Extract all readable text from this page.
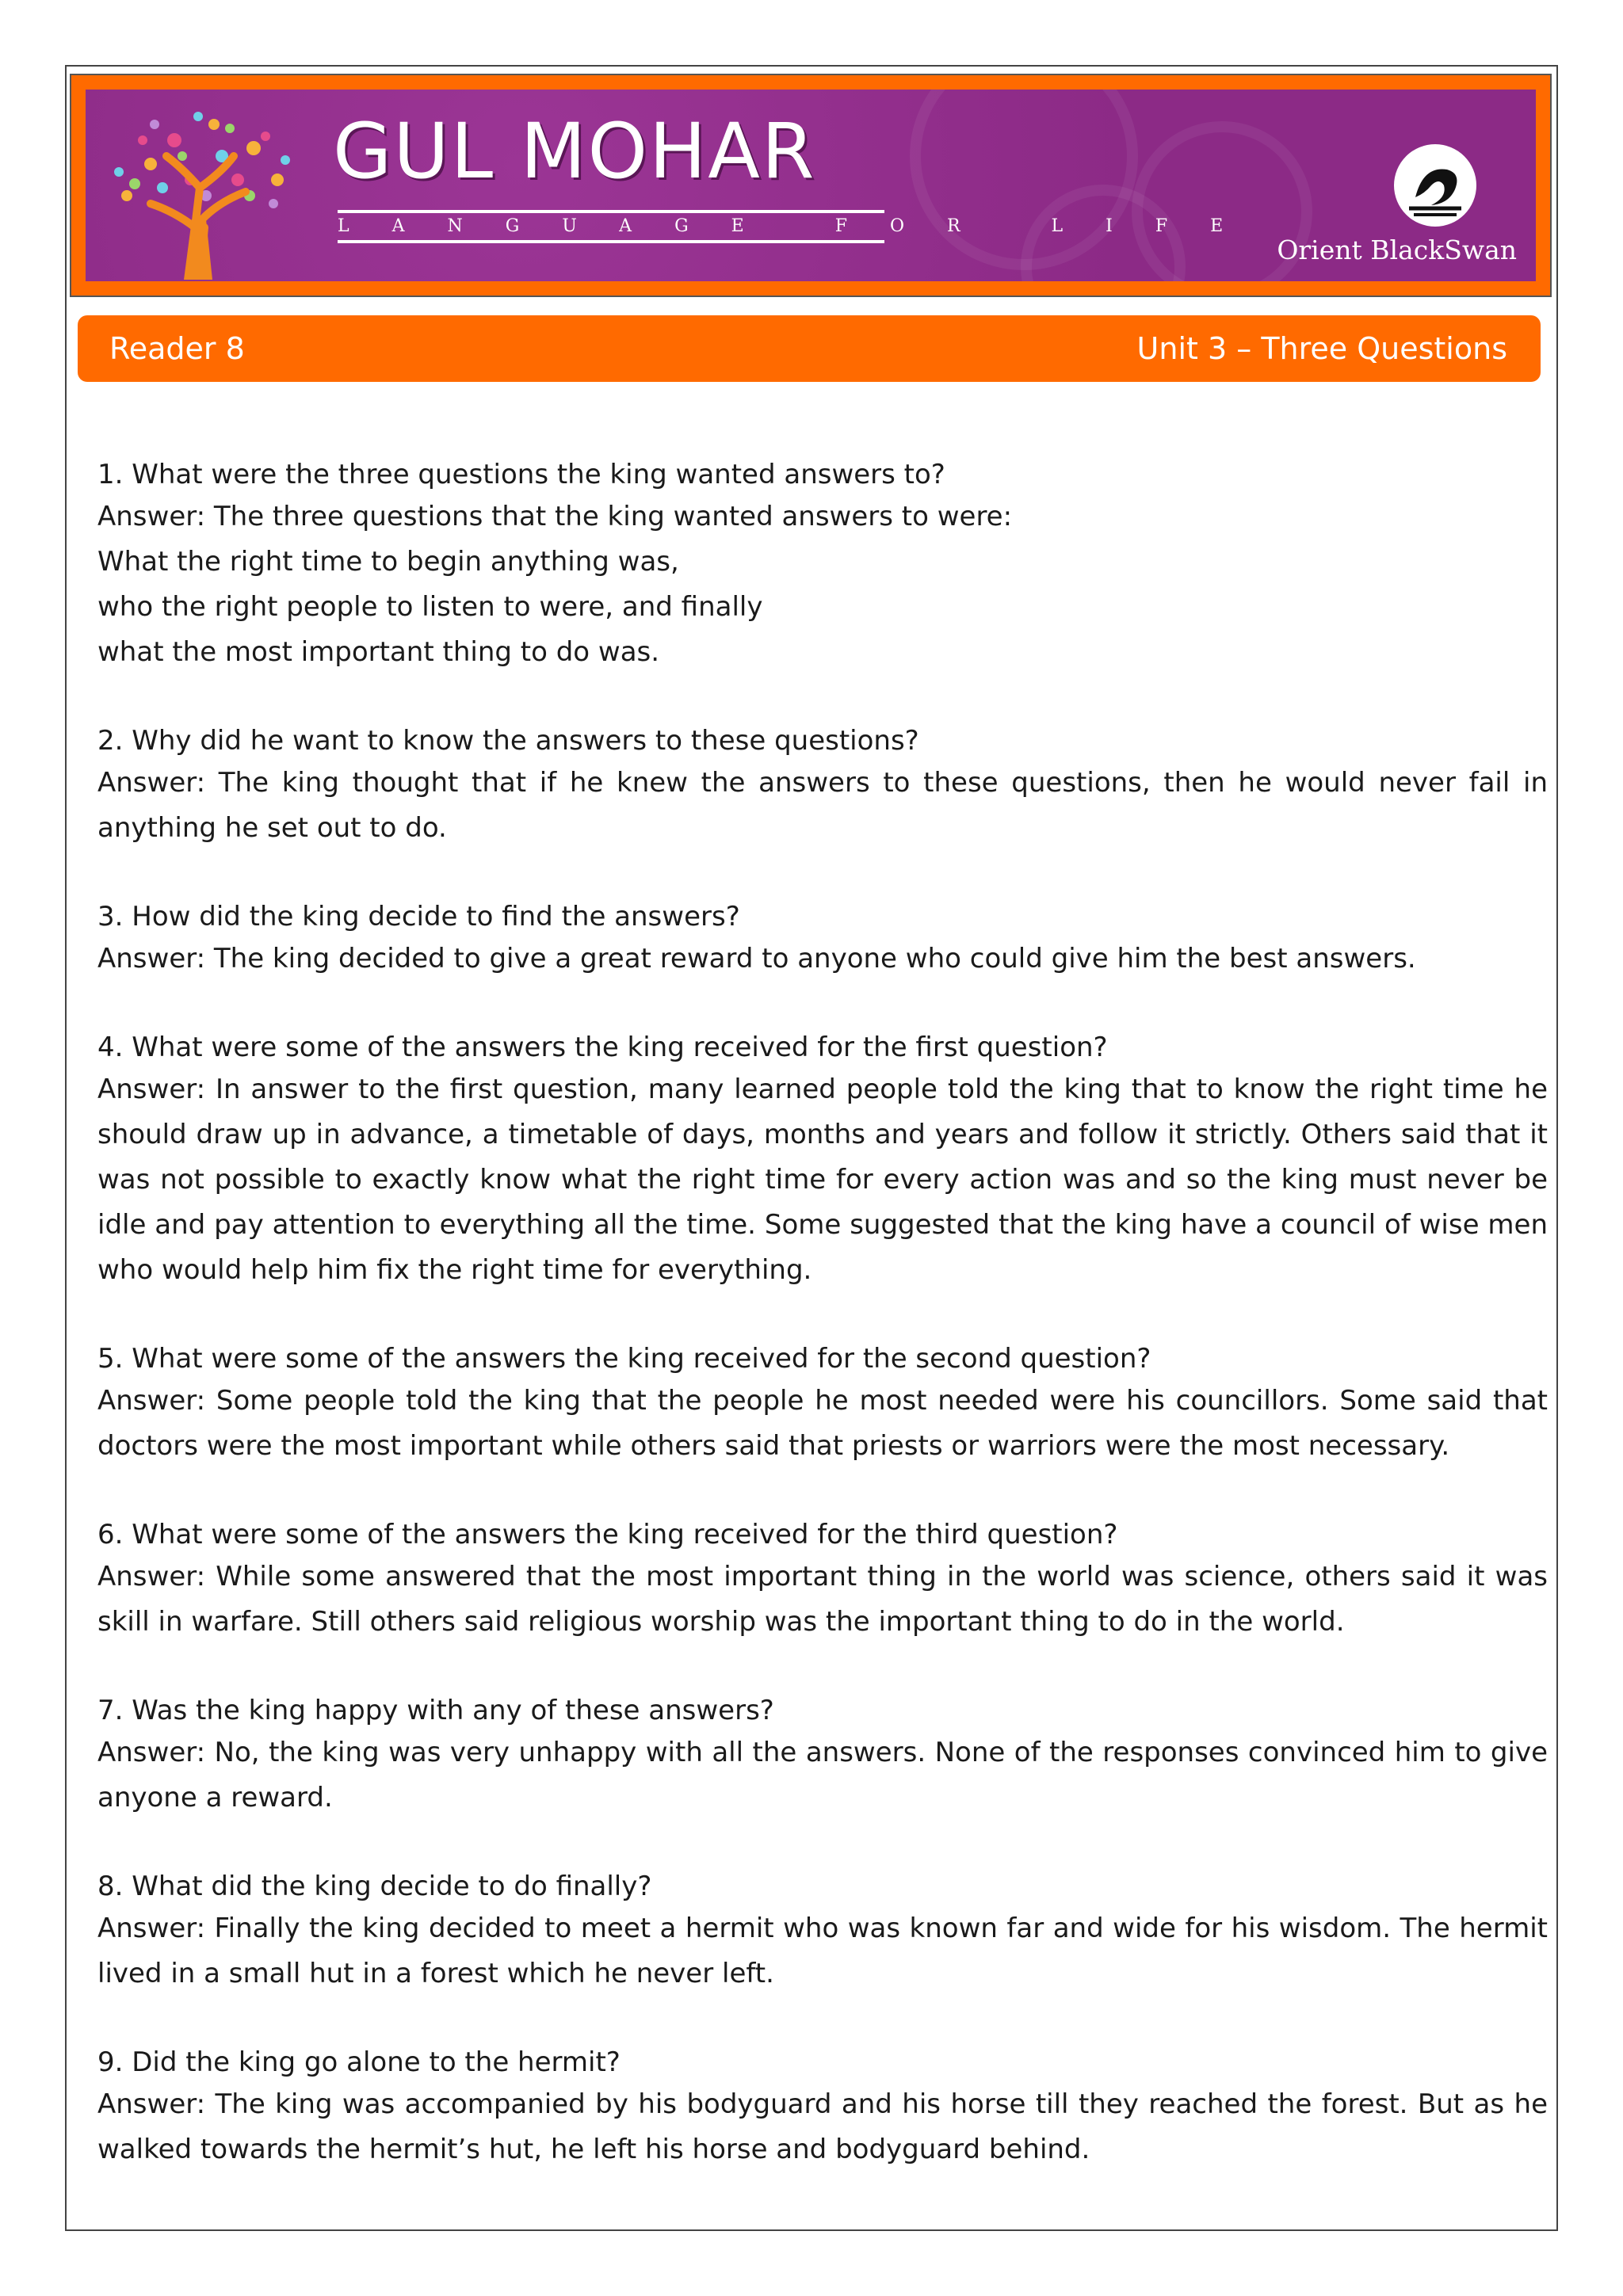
GUL MOHAR
LANGUAGE FOR LIFE
Orient BlackSwan
Reader 8	Unit 3 – Three Questions

1. What were the three questions the king wanted answers to?

Answer: The three questions that the king wanted answers to were:
What the right time to begin anything was,
who the right people to listen to were, and finally
what the most important thing to do was.

2. Why did he want to know the answers to these questions?

Answer: The king thought that if he knew the answers to these questions, then he would never fail in anything he set out to do.

3. How did the king decide to find the answers?

Answer: The king decided to give a great reward to anyone who could give him the best answers.

4. What were some of the answers the king received for the first question?

Answer: In answer to the first question, many learned people told the king that to know the right time he should draw up in advance, a timetable of days, months and years and follow it strictly. Others said that it was not possible to exactly know what the right time for every action was and so the king must never be idle and pay attention to everything all the time. Some suggested that the king have a council of wise men who would help him fix the right time for everything.

5. What were some of the answers the king received for the second question?

Answer: Some people told the king that the people he most needed were his councillors. Some said that doctors were the most important while others said that priests or warriors were the most necessary.

6. What were some of the answers the king received for the third question?

Answer: While some answered that the most important thing in the world was science, others said it was skill in warfare. Still others said religious worship was the important thing to do in the world.

7. Was the king happy with any of these answers?

Answer: No, the king was very unhappy with all the answers. None of the responses convinced him to give anyone a reward.

8. What did the king decide to do finally?

Answer: Finally the king decided to meet a hermit who was known far and wide for his wisdom. The hermit lived in a small hut in a forest which he never left.

9. Did the king go alone to the hermit?

Answer: The king was accompanied by his bodyguard and his horse till they reached the forest. But as he walked towards the hermit’s hut, he left his horse and bodyguard behind.
